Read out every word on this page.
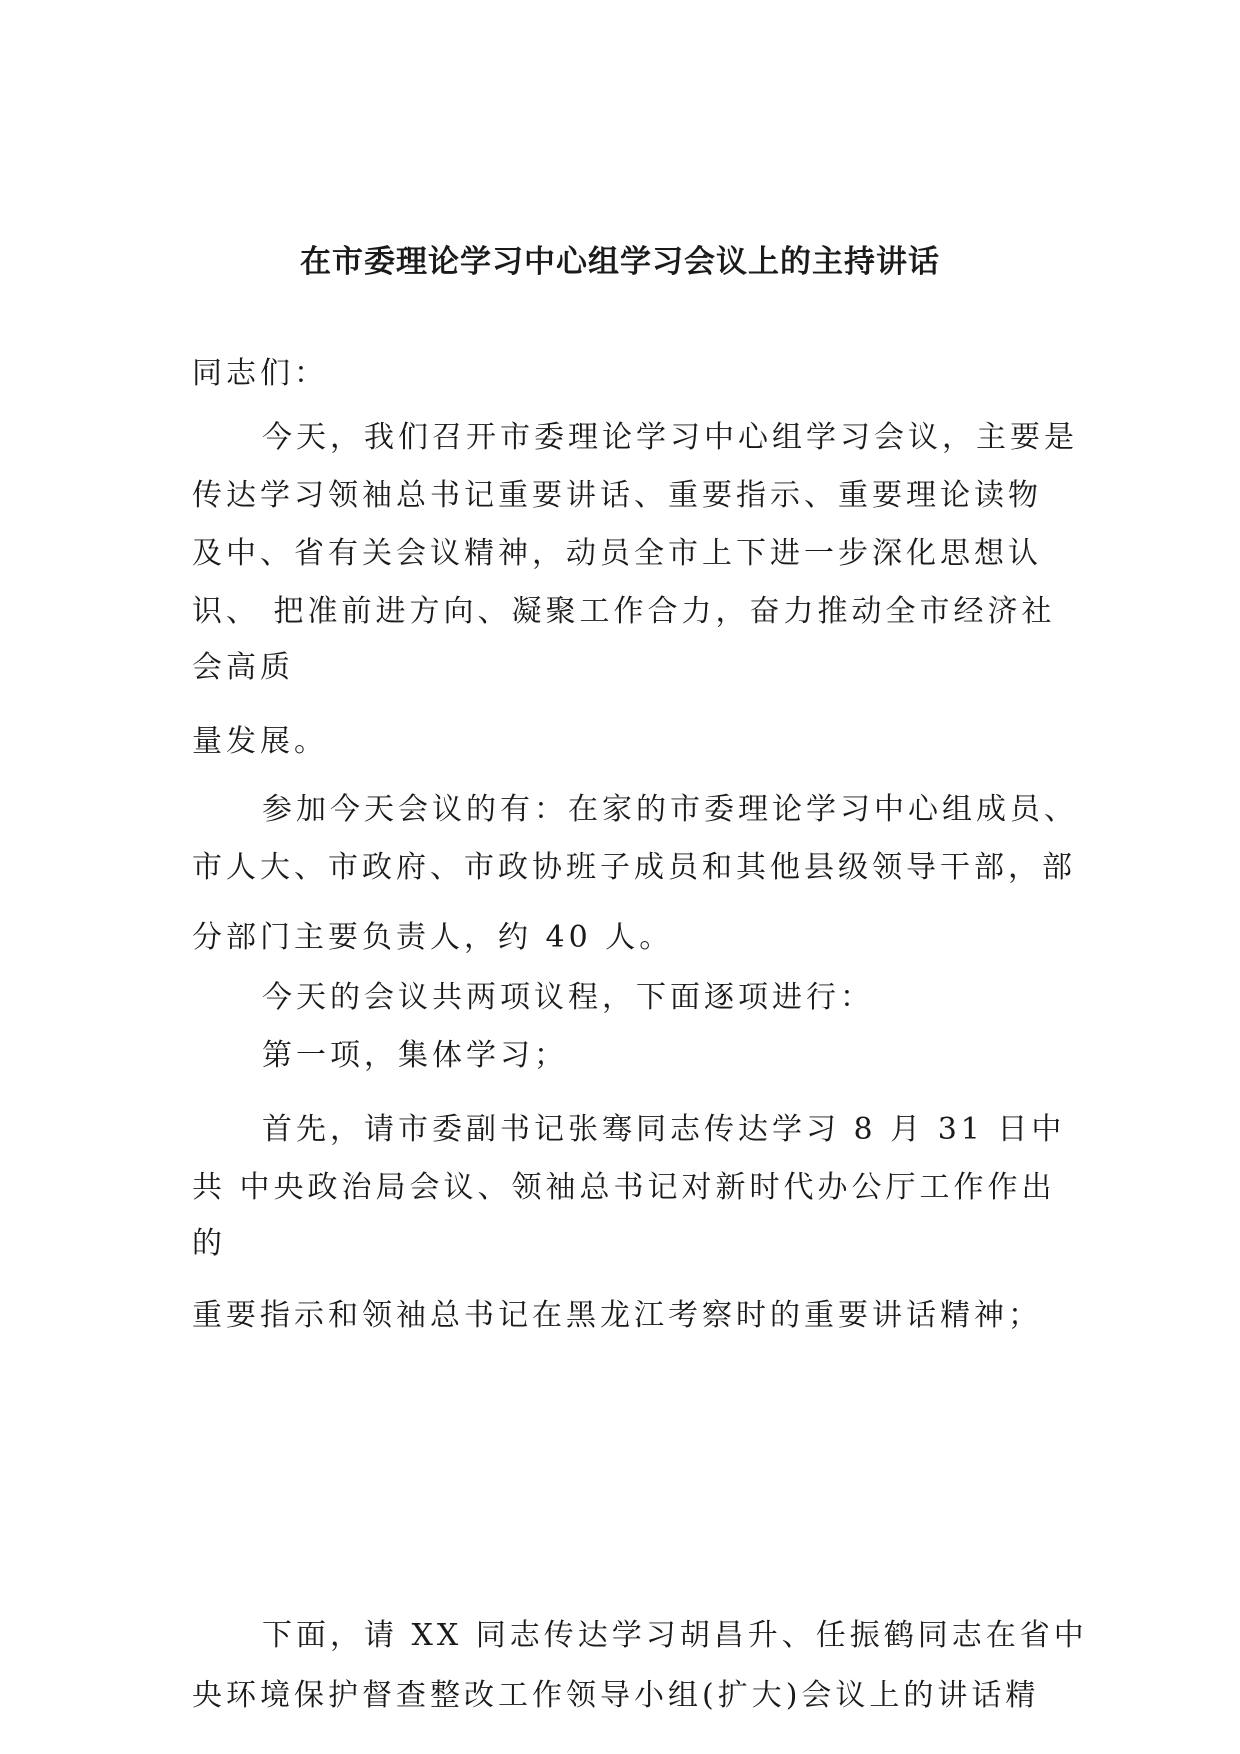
在市委理论学习中心组学习会议上的主持讲话

同志们：

今天，我们召开市委理论学习中心组学习会议，主要是

传达学习领袖总书记重要讲话、重要指示、重要理论读物

及中、省有关会议精神，动员全市上下进一步深化思想认

识、 把准前进方向、凝聚工作合力，奋力推动全市经济社

会高质

量发展。

参加今天会议的有：在家的市委理论学习中心组成员、

市人大、市政府、市政协班子成员和其他县级领导干部，部

分部门主要负责人，约 40 人。

今天的会议共两项议程，下面逐项进行：

第一项，集体学习；

首先，请市委副书记张骞同志传达学习 8 月 31 日中

共 中央政治局会议、领袖总书记对新时代办公厅工作作出

的

重要指示和领袖总书记在黑龙江考察时的重要讲话精神；

下面，请 XX 同志传达学习胡昌升、任振鹤同志在省中

央环境保护督查整改工作领导小组(扩大)会议上的讲话精
